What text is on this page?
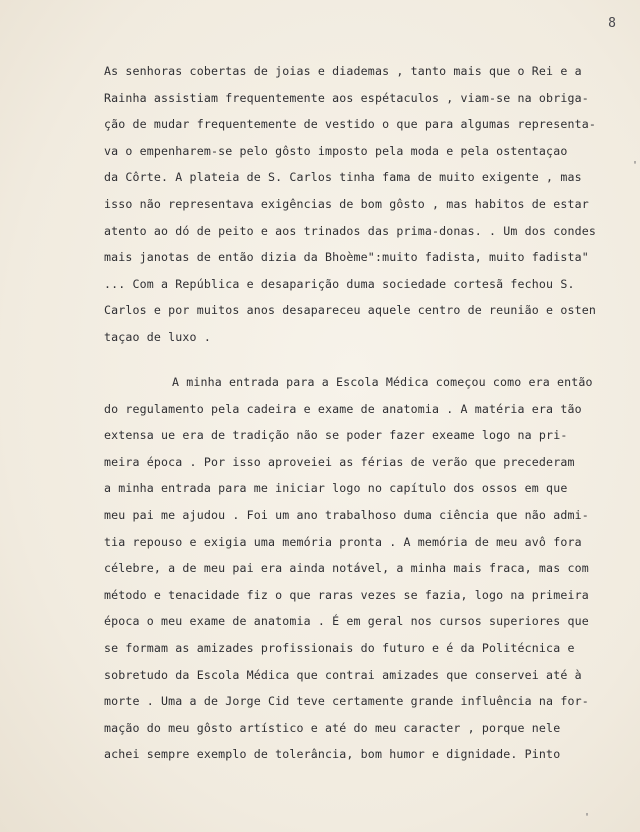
8
As senhoras cobertas de joias e diademas , tanto mais que o Rei e a
Rainha assistiam frequentemente aos espétaculos , viam-se na obriga-
ção de mudar frequentemente de vestido o que para algumas representa-
va o empenharem-se pelo gôsto imposto pela moda e pela ostentaçao
da Côrte. A plateia de S. Carlos tinha fama de muito exigente , mas
isso não representava exigências de bom gôsto , mas habitos de estar
atento ao dó de peito e aos trinados das prima-donas. . Um dos condes
mais janotas de então dizia da Bhoème":muito fadista, muito fadista"
... Com a República e desaparição duma sociedade cortesã fechou S.
Carlos e por muitos anos desapareceu aquele centro de reunião e osten
taçao de luxo .
A minha entrada para a Escola Médica começou como era então
do regulamento pela cadeira e exame de anatomia . A matéria era tão
extensa ue era de tradição não se poder fazer exeame logo na pri-
meira época . Por isso aproveiei as férias de verão que precederam
a minha entrada para me iniciar logo no capítulo dos ossos em que
meu pai me ajudou . Foi um ano trabalhoso duma ciência que não admi-
tia repouso e exigia uma memória pronta . A memória de meu avô fora
célebre, a de meu pai era ainda notável, a minha mais fraca, mas com
método e tenacidade fiz o que raras vezes se fazia, logo na primeira
época o meu exame de anatomia . É em geral nos cursos superiores que
se formam as amizades profissionais do futuro e é da Politécnica e
sobretudo da Escola Médica que contrai amizades que conservei até à
morte . Uma a de Jorge Cid teve certamente grande influência na for-
mação do meu gôsto artístico e até do meu caracter , porque nele
achei sempre exemplo de tolerância, bom humor e dignidade. Pinto
'
'
